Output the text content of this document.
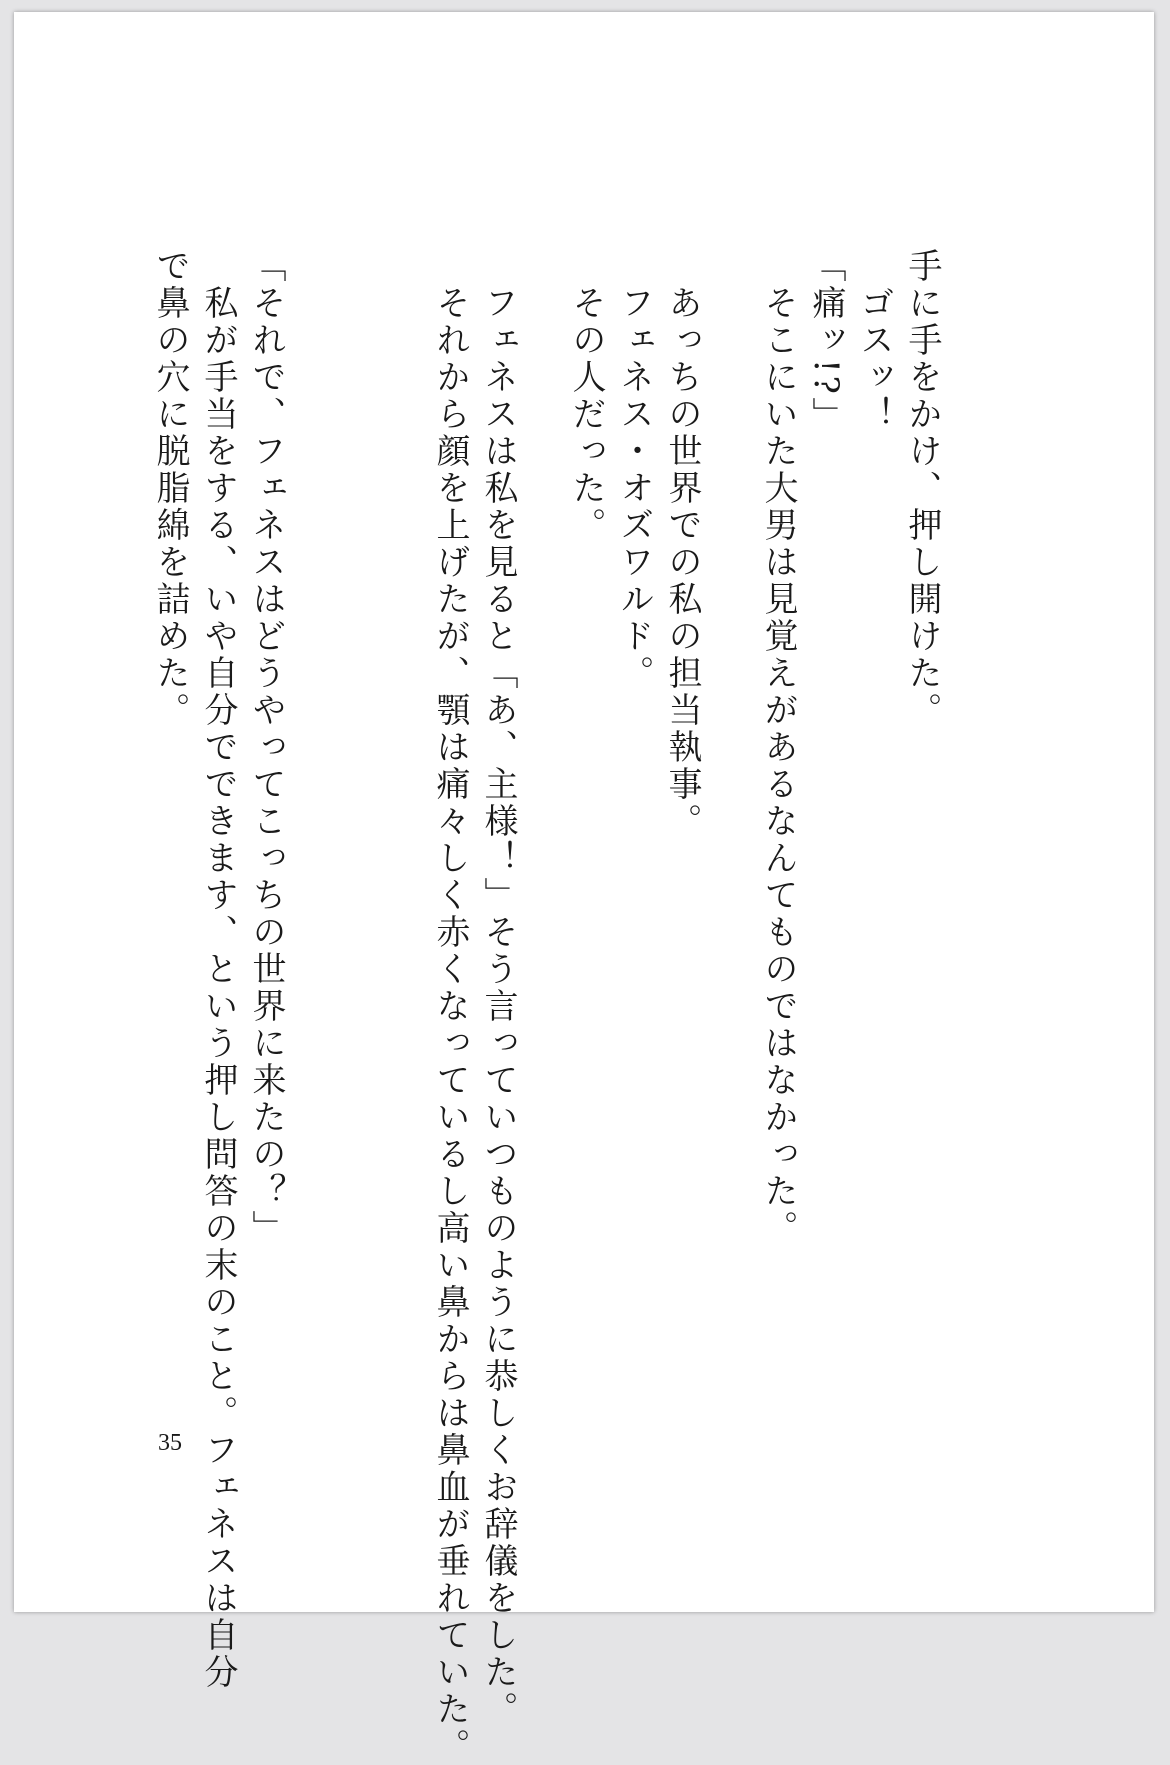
手に手をかけ、押し開けた。
　ゴスッ！
「痛ッ!?」
　そこにいた大男は見覚えがあるなんてものではなかった。
　あっちの世界での私の担当執事。
　フェネス・オズワルド。
　その人だった。
　フェネスは私を見ると「あ、主様！」そう言っていつものように恭しくお辞儀をした。
　それから顔を上げたが、顎は痛々しく赤くなっているし高い鼻からは鼻血が垂れていた。
「それで、フェネスはどうやってこっちの世界に来たの？」
　私が手当をする、いや自分でできます、という押し問答の末のこと。フェネスは自分
で鼻の穴に脱脂綿を詰めた。
35
